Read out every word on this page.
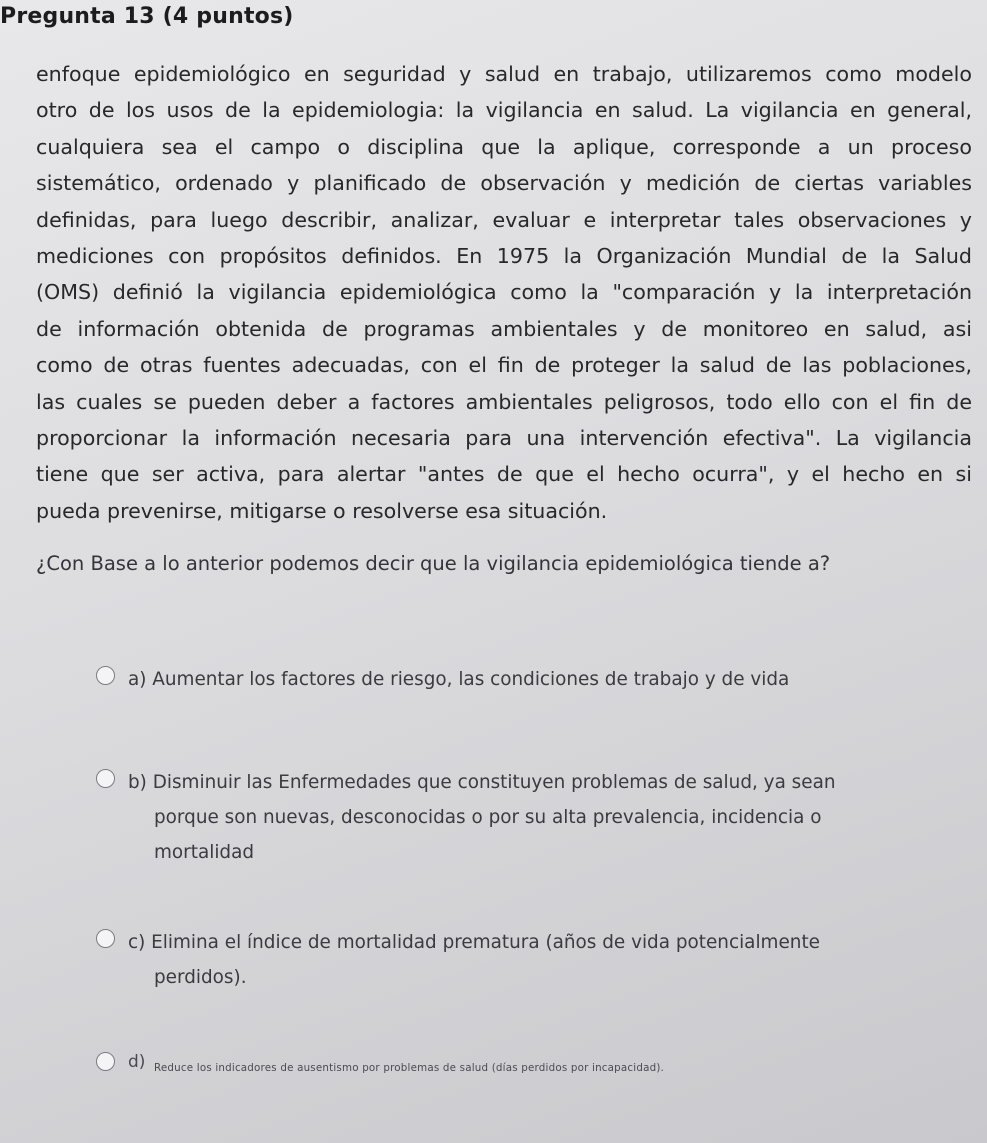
Pregunta 13 (4 puntos)
enfoque epidemiológico en seguridad y salud en trabajo, utilizaremos como modelo
otro de los usos de la epidemiologia: la vigilancia en salud. La vigilancia en general,
cualquiera sea el campo o disciplina que la aplique, corresponde a un proceso
sistemático, ordenado y planificado de observación y medición de ciertas variables
definidas, para luego describir, analizar, evaluar e interpretar tales observaciones y
mediciones con propósitos definidos. En 1975 la Organización Mundial de la Salud
(OMS) definió la vigilancia epidemiológica como la "comparación y la interpretación
de información obtenida de programas ambientales y de monitoreo en salud, asi
como de otras fuentes adecuadas, con el fin de proteger la salud de las poblaciones,
las cuales se pueden deber a factores ambientales peligrosos, todo ello con el fin de
proporcionar la información necesaria para una intervención efectiva". La vigilancia
tiene que ser activa, para alertar "antes de que el hecho ocurra", y el hecho en si
pueda prevenirse, mitigarse o resolverse esa situación.
¿Con Base a lo anterior podemos decir que la vigilancia epidemiológica tiende a?
a) Aumentar los factores de riesgo, las condiciones de trabajo y de vida
b) Disminuir las Enfermedades que constituyen problemas de salud, ya sean
porque son nuevas, desconocidas o por su alta prevalencia, incidencia o
mortalidad
c) Elimina el índice de mortalidad prematura (años de vida potencialmente
perdidos).
d) Reduce los indicadores de ausentismo por problemas de salud (días perdidos por incapacidad).
